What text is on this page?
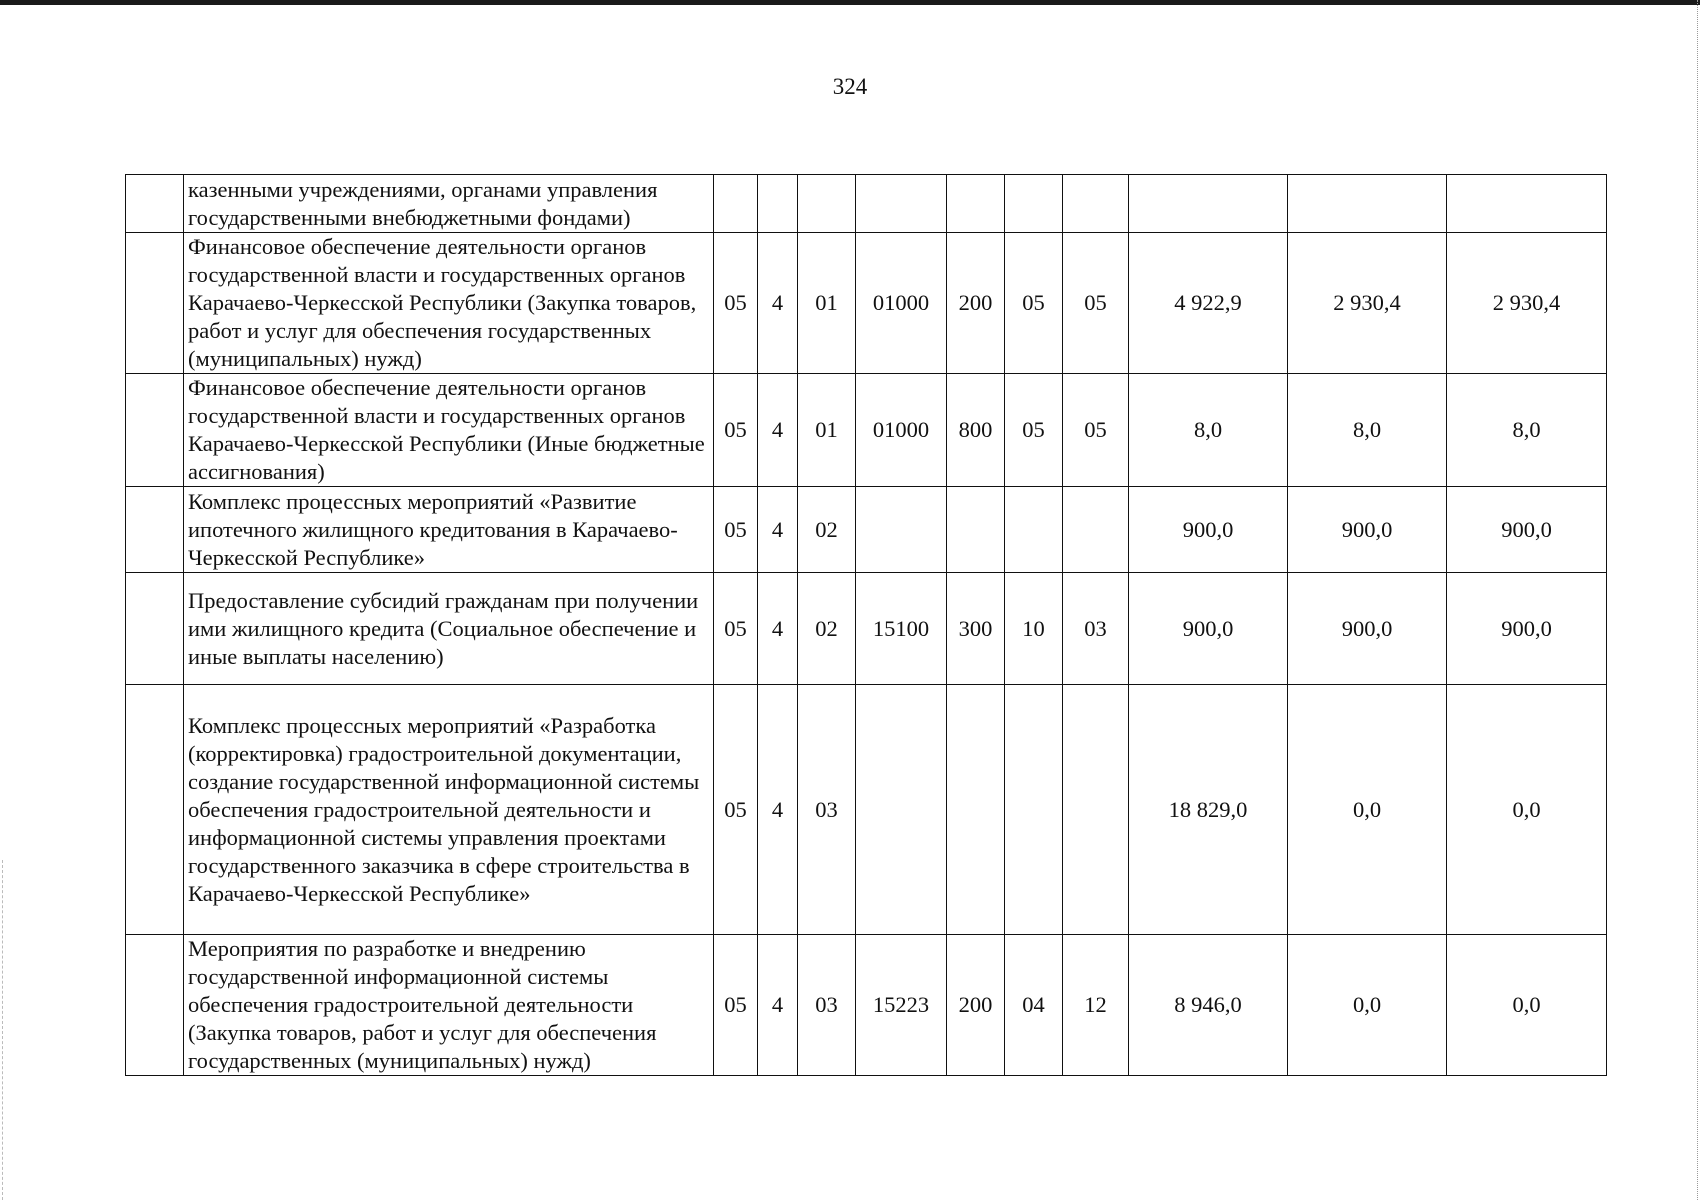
324
	казенными учреждениями, органами управления государственными внебюджетными фондами)										
	Финансовое обеспечение деятельности органов государственной власти и государственных органов Карачаево-Черкесской Республики (Закупка товаров, работ и услуг для обеспечения государственных (муниципальных) нужд)	05	4	01	01000	200	05	05	4 922,9	2 930,4	2 930,4
	Финансовое обеспечение деятельности органов государственной власти и государственных органов Карачаево-Черкесской Республики (Иные бюджетные ассигнования)	05	4	01	01000	800	05	05	8,0	8,0	8,0
	Комплекс процессных мероприятий «Развитие ипотечного жилищного кредитования в Карачаево-Черкесской Республике»	05	4	02					900,0	900,0	900,0
	Предоставление субсидий гражданам при получении ими жилищного кредита (Социальное обеспечение и иные выплаты населению)	05	4	02	15100	300	10	03	900,0	900,0	900,0
	Комплекс процессных мероприятий «Разработка (корректировка) градостроительной документации, создание государственной информационной системы обеспечения градостроительной деятельности и информационной системы управления проектами государственного заказчика в сфере строительства в Карачаево-Черкесской Республике»	05	4	03					18 829,0	0,0	0,0
	Мероприятия по разработке и внедрению государственной информационной системы обеспечения градостроительной деятельности (Закупка товаров, работ и услуг для обеспечения государственных (муниципальных) нужд)	05	4	03	15223	200	04	12	8 946,0	0,0	0,0
